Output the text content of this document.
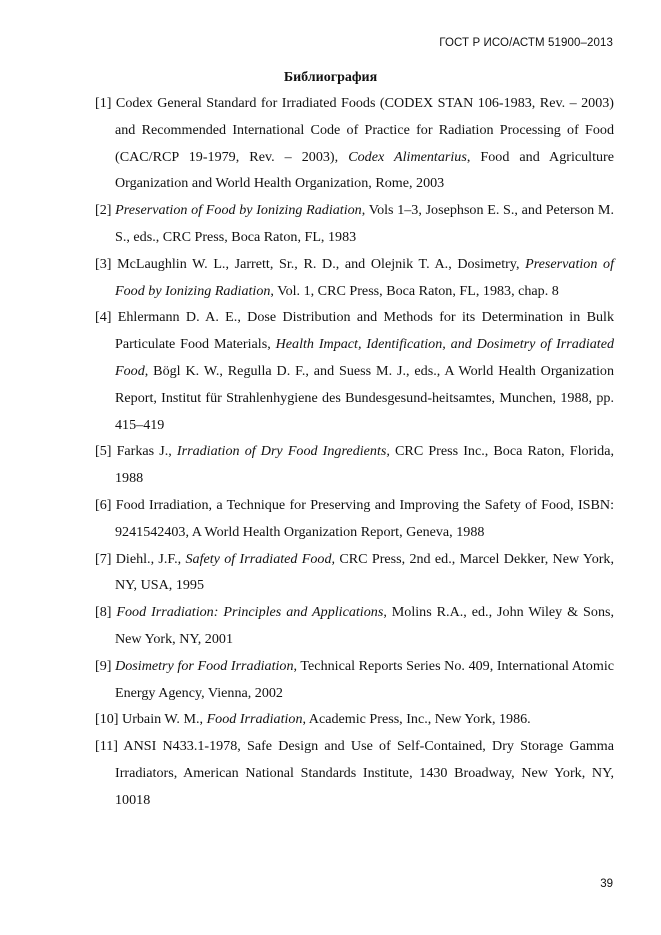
ГОСТ Р ИСО/АСТМ 51900–2013
Библиография
[1] Codex General Standard for Irradiated Foods (CODEX STAN 106-1983, Rev. – 2003) and Recommended International Code of Practice for Radiation Processing of Food (CAC/RCP 19-1979, Rev. – 2003), Codex Alimentarius, Food and Agriculture Organization and World Health Organization, Rome, 2003
[2] Preservation of Food by Ionizing Radiation, Vols 1–3, Josephson E. S., and Peterson M. S., eds., CRC Press, Boca Raton, FL, 1983
[3] McLaughlin W. L., Jarrett, Sr., R. D., and Olejnik T. A., Dosimetry, Preservation of Food by Ionizing Radiation, Vol. 1, CRC Press, Boca Raton, FL, 1983, chap. 8
[4] Ehlermann D. A. E., Dose Distribution and Methods for its Determination in Bulk Particulate Food Materials, Health Impact, Identification, and Dosimetry of Irradiated Food, Bögl K. W., Regulla D. F., and Suess M. J., eds., A World Health Organization Report, Institut für Strahlenhygiene des Bundesgesund-heitsamtes, Munchen, 1988, pp. 415–419
[5] Farkas J., Irradiation of Dry Food Ingredients, CRC Press Inc., Boca Raton, Florida, 1988
[6] Food Irradiation, a Technique for Preserving and Improving the Safety of Food, ISBN: 9241542403, A World Health Organization Report, Geneva, 1988
[7] Diehl., J.F., Safety of Irradiated Food, CRC Press, 2nd ed., Marcel Dekker, New York, NY, USA, 1995
[8] Food Irradiation: Principles and Applications, Molins R.A., ed., John Wiley & Sons, New York, NY, 2001
[9] Dosimetry for Food Irradiation, Technical Reports Series No. 409, International Atomic Energy Agency, Vienna, 2002
[10] Urbain W. M., Food Irradiation, Academic Press, Inc., New York, 1986.
[11] ANSI N433.1-1978, Safe Design and Use of Self-Contained, Dry Storage Gamma Irradiators, American National Standards Institute, 1430 Broadway, New York, NY, 10018
39
